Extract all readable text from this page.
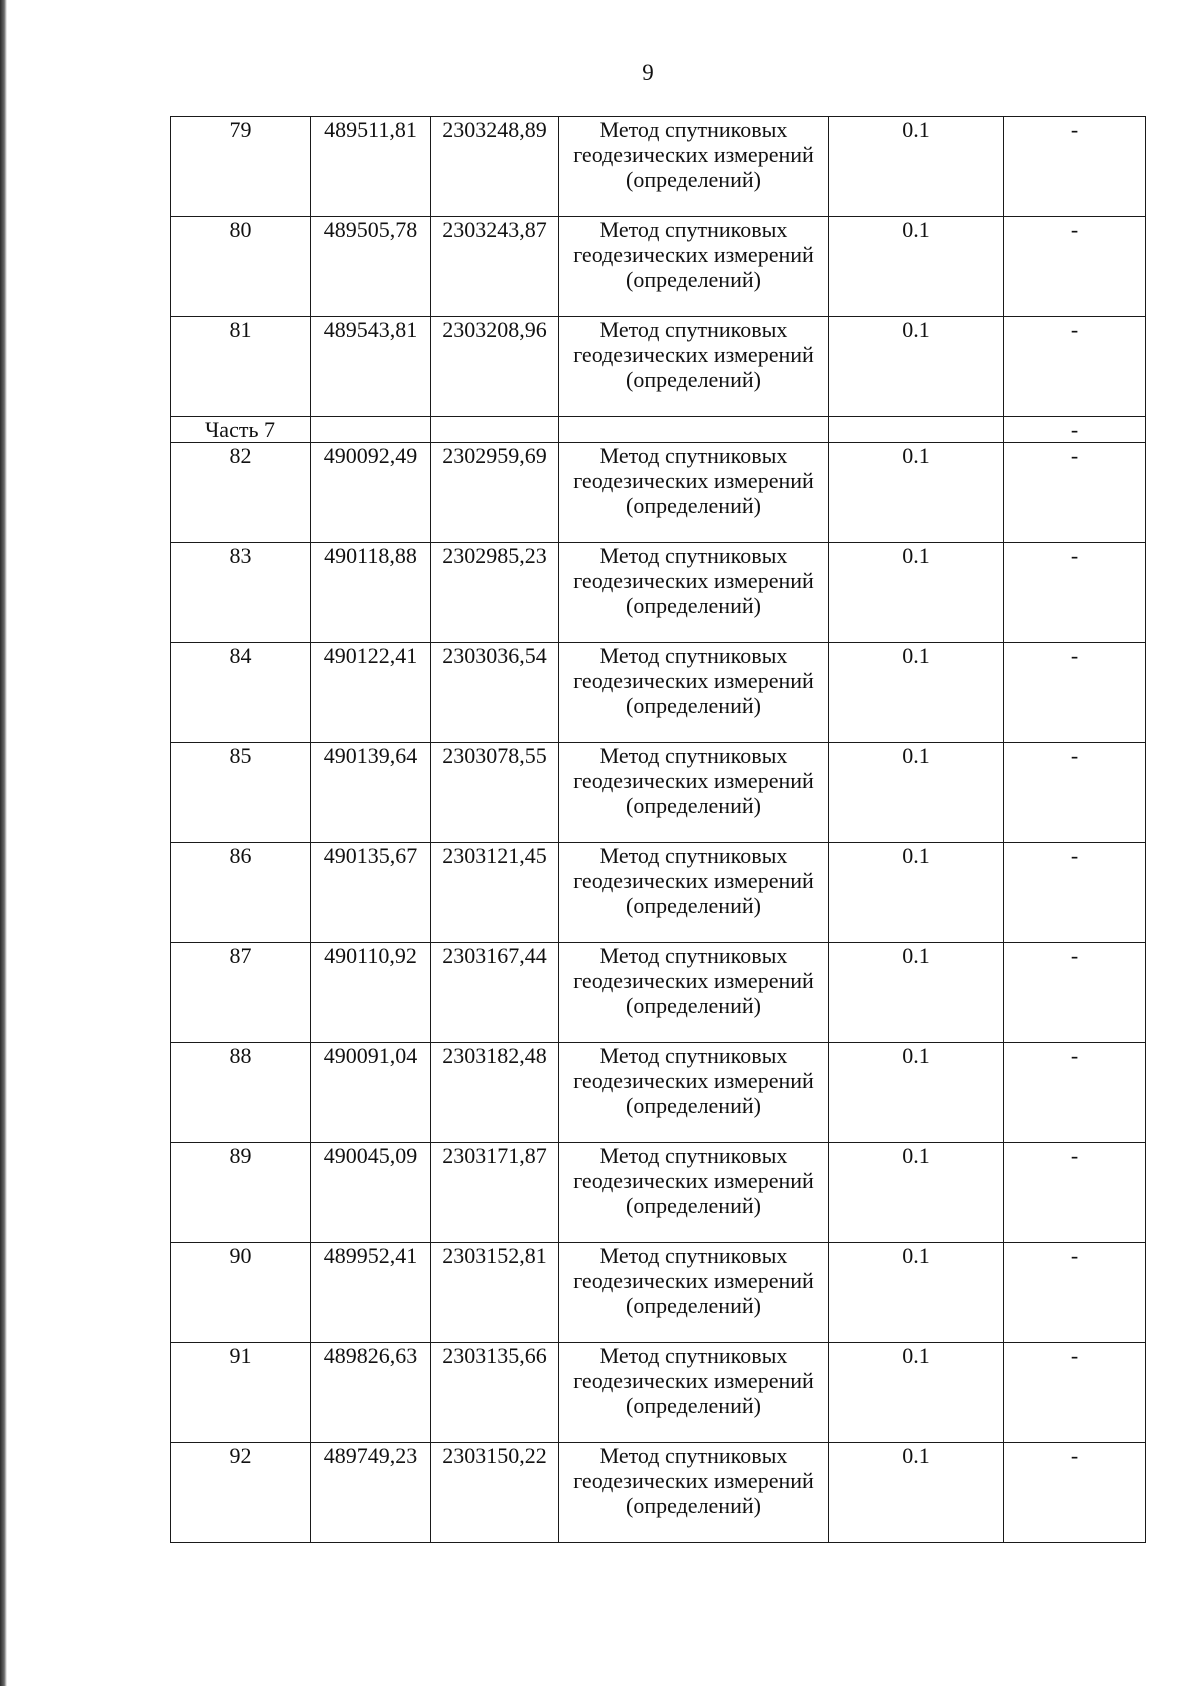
9
79	489511,81	2303248,89	Метод спутниковых геодезических измерений (определений)	0.1	-
80	489505,78	2303243,87	Метод спутниковых геодезических измерений (определений)	0.1	-
81	489543,81	2303208,96	Метод спутниковых геодезических измерений (определений)	0.1	-
Часть 7					-
82	490092,49	2302959,69	Метод спутниковых геодезических измерений (определений)	0.1	-
83	490118,88	2302985,23	Метод спутниковых геодезических измерений (определений)	0.1	-
84	490122,41	2303036,54	Метод спутниковых геодезических измерений (определений)	0.1	-
85	490139,64	2303078,55	Метод спутниковых геодезических измерений (определений)	0.1	-
86	490135,67	2303121,45	Метод спутниковых геодезических измерений (определений)	0.1	-
87	490110,92	2303167,44	Метод спутниковых геодезических измерений (определений)	0.1	-
88	490091,04	2303182,48	Метод спутниковых геодезических измерений (определений)	0.1	-
89	490045,09	2303171,87	Метод спутниковых геодезических измерений (определений)	0.1	-
90	489952,41	2303152,81	Метод спутниковых геодезических измерений (определений)	0.1	-
91	489826,63	2303135,66	Метод спутниковых геодезических измерений (определений)	0.1	-
92	489749,23	2303150,22	Метод спутниковых геодезических измерений (определений)	0.1	-
